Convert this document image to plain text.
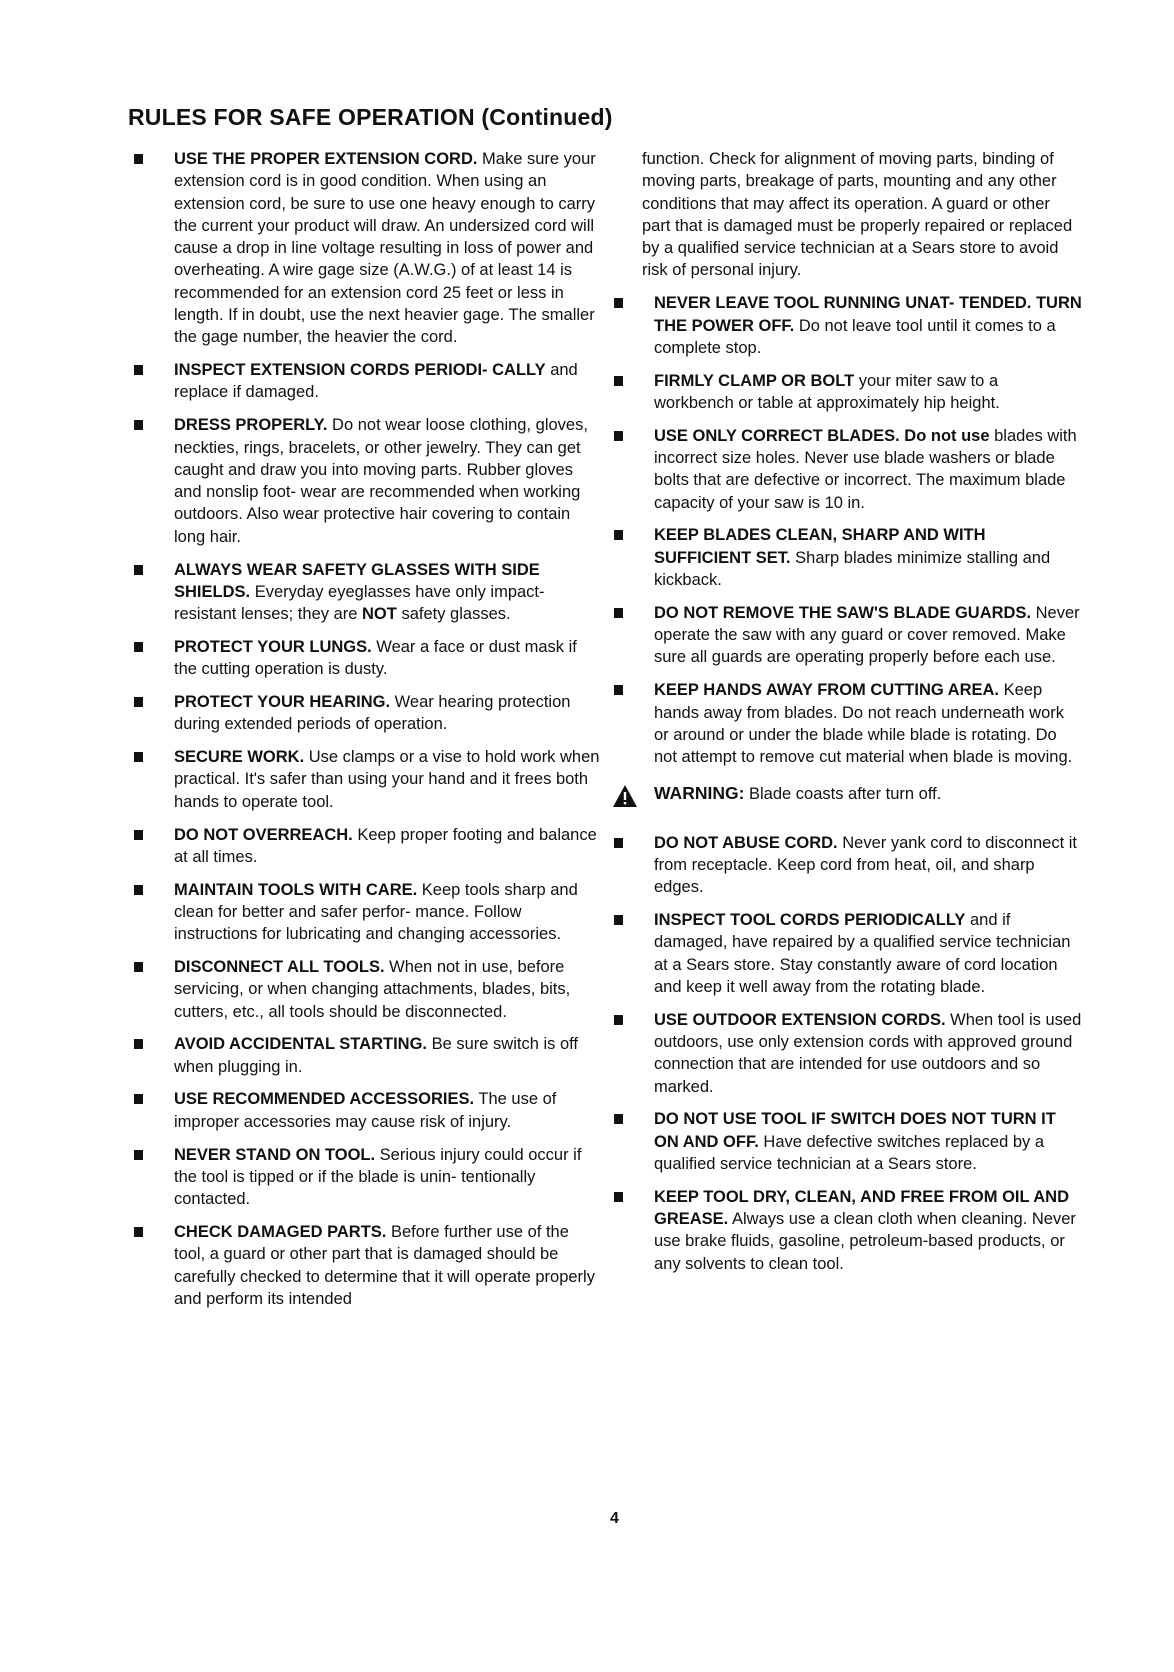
RULES FOR SAFE OPERATION (Continued)
USE THE PROPER EXTENSION CORD. Make sure your extension cord is in good condition. When using an extension cord, be sure to use one heavy enough to carry the current your product will draw. An undersized cord will cause a drop in line voltage resulting in loss of power and overheating. A wire gage size (A.W.G.) of at least 14 is recommended for an extension cord 25 feet or less in length. If in doubt, use the next heavier gage. The smaller the gage number, the heavier the cord.
INSPECT EXTENSION CORDS PERIODI- CALLY and replace if damaged.
DRESS PROPERLY. Do not wear loose clothing, gloves, neckties, rings, bracelets, or other jewelry. They can get caught and draw you into moving parts. Rubber gloves and nonslip foot- wear are recommended when working outdoors. Also wear protective hair covering to contain long hair.
ALWAYS WEAR SAFETY GLASSES WITH SIDE SHIELDS. Everyday eyeglasses have only impact-resistant lenses; they are NOT safety glasses.
PROTECT YOUR LUNGS. Wear a face or dust mask if the cutting operation is dusty.
PROTECT YOUR HEARING. Wear hearing protection during extended periods of operation.
SECURE WORK. Use clamps or a vise to hold work when practical. It's safer than using your hand and it frees both hands to operate tool.
DO NOT OVERREACH. Keep proper footing and balance at all times.
MAINTAIN TOOLS WITH CARE. Keep tools sharp and clean for better and safer perfor- mance. Follow instructions for lubricating and changing accessories.
DISCONNECT ALL TOOLS. When not in use, before servicing, or when changing attachments, blades, bits, cutters, etc., all tools should be disconnected.
AVOID ACCIDENTAL STARTING. Be sure switch is off when plugging in.
USE RECOMMENDED ACCESSORIES. The use of improper accessories may cause risk of injury.
NEVER STAND ON TOOL. Serious injury could occur if the tool is tipped or if the blade is unin- tentionally contacted.
CHECK DAMAGED PARTS. Before further use of the tool, a guard or other part that is damaged should be carefully checked to determine that it will operate properly and perform its intended
function. Check for alignment of moving parts, binding of moving parts, breakage of parts, mounting and any other conditions that may affect its operation. A guard or other part that is damaged must be properly repaired or replaced by a qualified service technician at a Sears store to avoid risk of personal injury.
NEVER LEAVE TOOL RUNNING UNAT- TENDED. TURN THE POWER OFF. Do not leave tool until it comes to a complete stop.
FIRMLY CLAMP OR BOLT your miter saw to a workbench or table at approximately hip height.
USE ONLY CORRECT BLADES. Do not use blades with incorrect size holes. Never use blade washers or blade bolts that are defective or incorrect. The maximum blade capacity of your saw is 10 in.
KEEP BLADES CLEAN, SHARP AND WITH SUFFICIENT SET. Sharp blades minimize stalling and kickback.
DO NOT REMOVE THE SAW'S BLADE GUARDS. Never operate the saw with any guard or cover removed. Make sure all guards are operating properly before each use.
KEEP HANDS AWAY FROM CUTTING AREA. Keep hands away from blades. Do not reach underneath work or around or under the blade while blade is rotating. Do not attempt to remove cut material when blade is moving.
WARNING: Blade coasts after turn off.
DO NOT ABUSE CORD. Never yank cord to disconnect it from receptacle. Keep cord from heat, oil, and sharp edges.
INSPECT TOOL CORDS PERIODICALLY and if damaged, have repaired by a qualified service technician at a Sears store. Stay constantly aware of cord location and keep it well away from the rotating blade.
USE OUTDOOR EXTENSION CORDS. When tool is used outdoors, use only extension cords with approved ground connection that are intended for use outdoors and so marked.
DO NOT USE TOOL IF SWITCH DOES NOT TURN IT ON AND OFF. Have defective switches replaced by a qualified service technician at a Sears store.
KEEP TOOL DRY, CLEAN, AND FREE FROM OIL AND GREASE. Always use a clean cloth when cleaning. Never use brake fluids, gasoline, petroleum-based products, or any solvents to clean tool.
4
